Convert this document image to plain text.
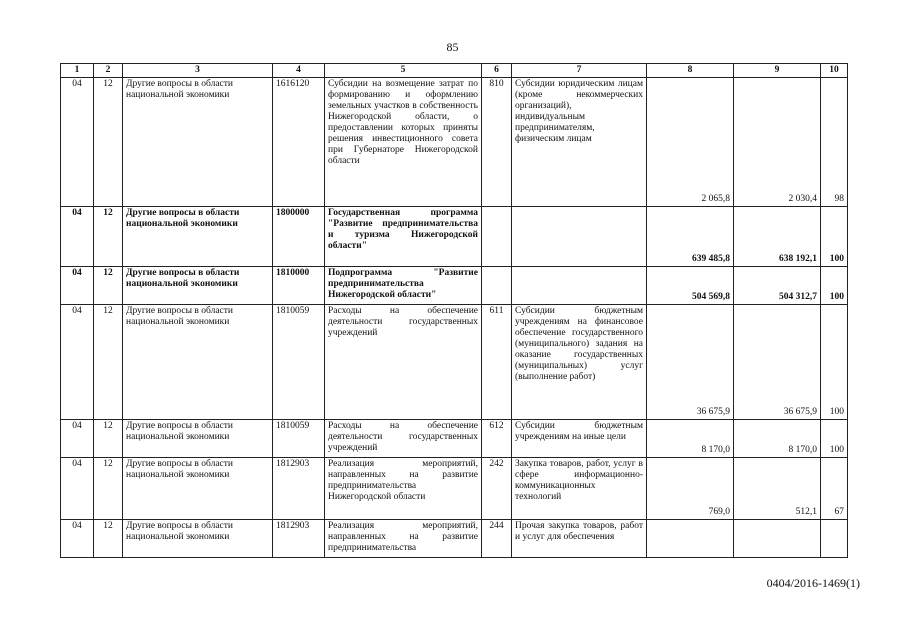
85
1	2	3	4	5	6	7	8	9	10
04	12	Другие вопросы в области национальной экономики	1616120	Субсидии на возмещение затрат по формированию и оформлению земельных участков в собственность Нижегородской области, о предоставлении которых приняты решения инвестиционного совета при Губернаторе Нижегородской области	810	Субсидии юридическим лицам (кроме некоммерческих организаций), индивидуальным предпринимателям, физическим лицам	2 065,8	2 030,4	98
04	12	Другие вопросы в области национальной экономики	1800000	Государственная программа "Развитие предпринимательства и туризма Нижегородской области"			639 485,8	638 192,1	100
04	12	Другие вопросы в области национальной экономики	1810000	Подпрограмма "Развитие предпринимательства Нижегородской области"			504 569,8	504 312,7	100
04	12	Другие вопросы в области национальной экономики	1810059	Расходы на обеспечение деятельности государственных учреждений	611	Субсидии бюджетным учреждениям на финансовое обеспечение государственного (муниципального) задания на оказание государственных (муниципальных) услуг (выполнение работ)	36 675,9	36 675,9	100
04	12	Другие вопросы в области национальной экономики	1810059	Расходы на обеспечение деятельности государственных учреждений	612	Субсидии бюджетным учреждениям на иные цели	8 170,0	8 170,0	100
04	12	Другие вопросы в области национальной экономики	1812903	Реализация мероприятий, направленных на развитие предпринимательства Нижегородской области	242	Закупка товаров, работ, услуг в сфере информационно-коммуникационных технологий	769,0	512,1	67
04	12	Другие вопросы в области национальной экономики	1812903	Реализация мероприятий, направленных на развитие предпринимательства	244	Прочая закупка товаров, работ и услуг для обеспечения			
0404/2016-1469(1)
